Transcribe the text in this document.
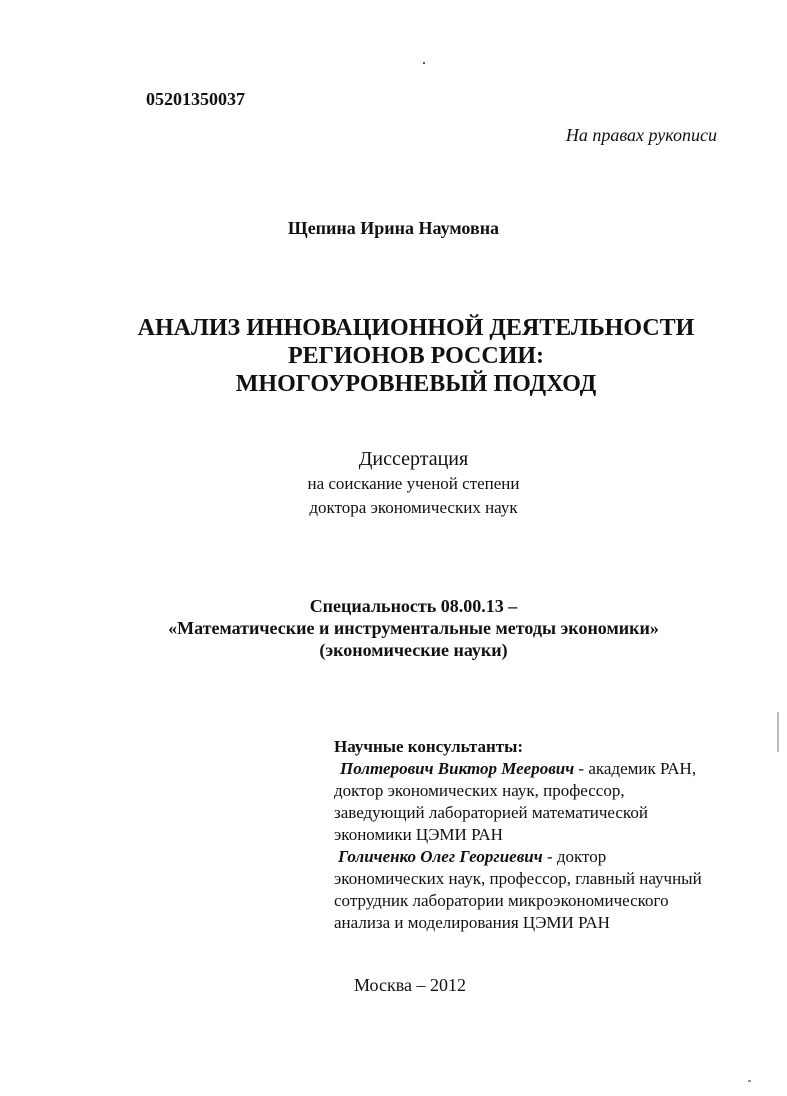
05201350037
На правах рукописи
Щепина Ирина Наумовна
АНАЛИЗ ИННОВАЦИОННОЙ ДЕЯТЕЛЬНОСТИ
РЕГИОНОВ РОССИИ:
МНОГОУРОВНЕВЫЙ ПОДХОД
Диссертация
на соискание ученой степени
доктора экономических наук
Специальность 08.00.13 –
«Математические и инструментальные методы экономики»
(экономические науки)
Научные консультанты:
Полтерович Виктор Меерович - академик РАН,
доктор экономических наук, профессор,
заведующий лабораторией математической
экономики ЦЭМИ РАН
Голиченко Олег Георгиевич - доктор
экономических наук, профессор, главный научный
сотрудник лаборатории микроэкономического
анализа и моделирования ЦЭМИ РАН
Москва – 2012
